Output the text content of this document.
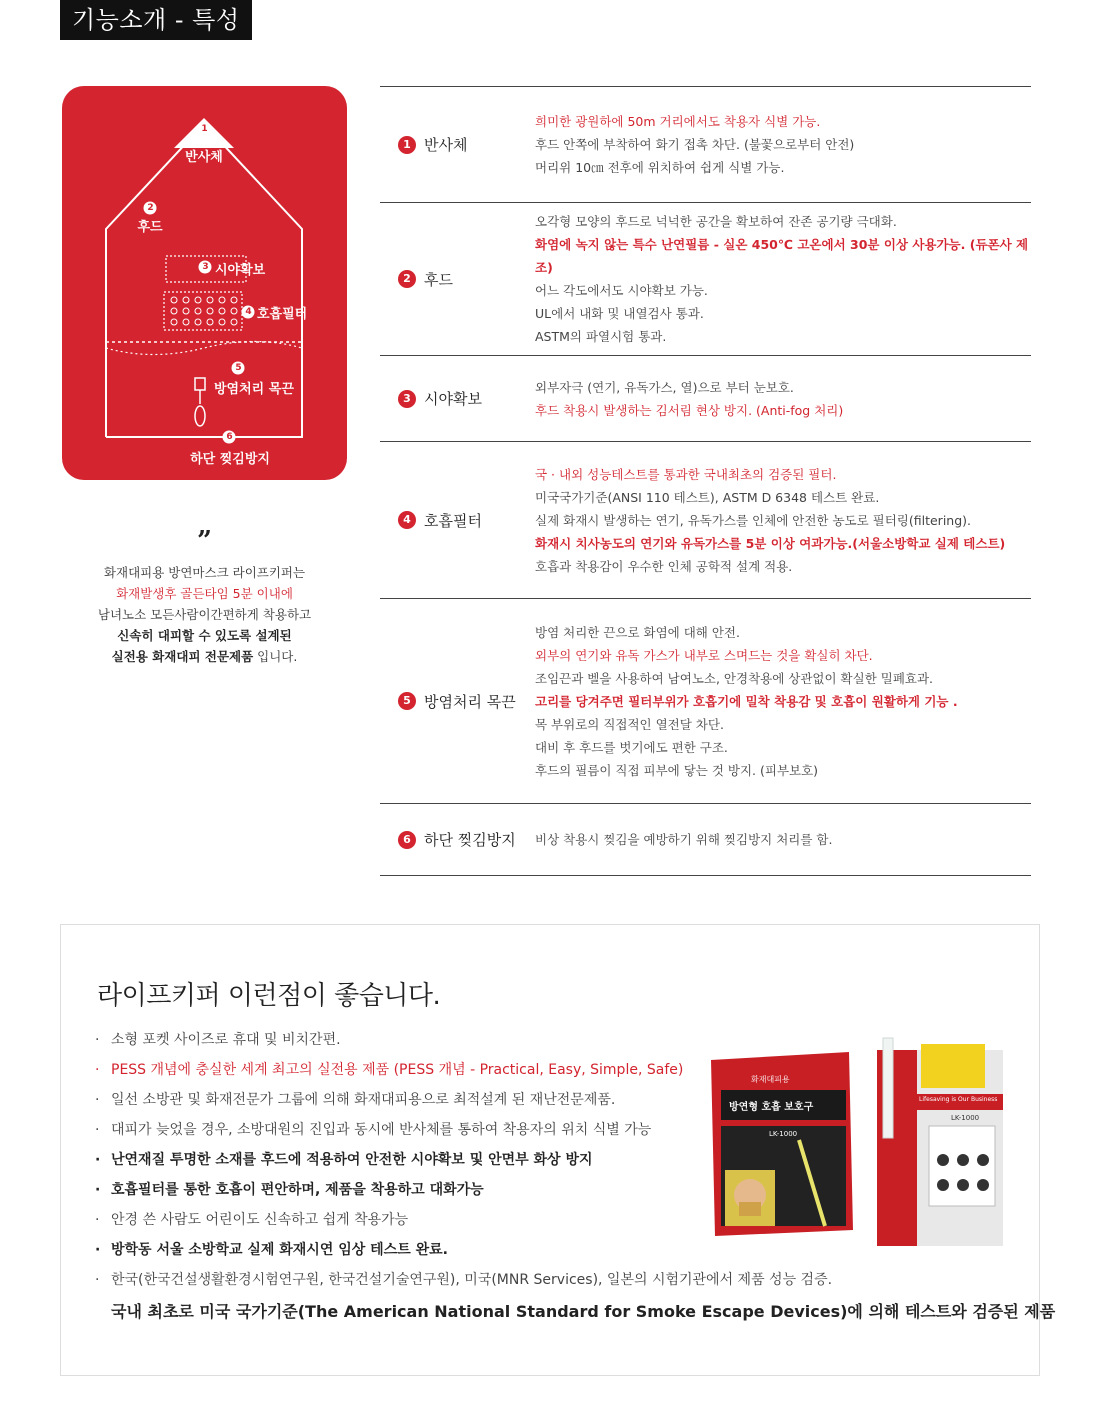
기능소개 - 특성
1
반사체
2
후드
3 시야확보
4 호흡필터
5
방염처리 목끈
6
하단 찢김방지
”
화재대피용 방연마스크 라이프키퍼는
화재발생후 골든타임 5분 이내에
남녀노소 모든사람이간편하게 착용하고
신속히 대피할 수 있도록 설계된
실전용 화재대피 전문제품 입니다.
1 반사체
희미한 광원하에 50m 거리에서도 착용자 식별 가능.
후드 안쪽에 부착하여 화기 접촉 차단. (불꽃으로부터 안전)
머리위 10㎝ 전후에 위치하여 쉽게 식별 가능.
2 후드
오각형 모양의 후드로 넉넉한 공간을 확보하여 잔존 공기량 극대화.
화염에 녹지 않는 특수 난연필름 - 실온 450℃ 고온에서 30분 이상 사용가능. (듀폰사 제조)
어느 각도에서도 시야확보 가능.
UL에서 내화 및 내열검사 통과.
ASTM의 파열시험 통과.
3 시야확보
외부자극 (연기, 유독가스, 열)으로 부터 눈보호.
후드 착용시 발생하는 김서림 현상 방지. (Anti-fog 처리)
4 호흡필터
국 · 내외 성능테스트를 통과한 국내최초의 검증된 필터.
미국국가기준(ANSI 110 테스트), ASTM D 6348 테스트 완료.
실제 화재시 발생하는 연기, 유독가스를 인체에 안전한 농도로 필터링(filtering).
화재시 치사농도의 연기와 유독가스를 5분 이상 여과가능.(서울소방학교 실제 테스트)
호흡과 착용감이 우수한 인체 공학적 설계 적용.
5 방염처리 목끈
방염 처리한 끈으로 화염에 대해 안전.
외부의 연기와 유독 가스가 내부로 스며드는 것을 확실히 차단.
조임끈과 벨을 사용하여 남여노소, 안경착용에 상관없이 확실한 밀폐효과.
고리를 당겨주면 필터부위가 호흡기에 밀착 착용감 및 호흡이 원활하게 기능 .
목 부위로의 직접적인 열전달 차단.
대비 후 후드를 벗기에도 편한 구조.
후드의 필름이 직접 피부에 닿는 것 방지. (피부보호)
6 하단 찢김방지 비상 착용시 찢김을 예방하기 위해 찢김방지 처리를 함.
라이프키퍼 이런점이 좋습니다.
· 소형 포켓 사이즈로 휴대 및 비치간편.
· PESS 개념에 충실한 세계 최고의 실전용 제품 (PESS 개념 - Practical, Easy, Simple, Safe)
· 일선 소방관 및 화재전문가 그룹에 의해 화재대피용으로 최적설계 된 재난전문제품.
· 대피가 늦었을 경우, 소방대원의 진입과 동시에 반사체를 통하여 착용자의 위치 식별 가능
· 난연재질 투명한 소재를 후드에 적용하여 안전한 시야확보 및 안면부 화상 방지
· 호흡필터를 통한 호흡이 편안하며, 제품을 착용하고 대화가능
· 안경 쓴 사람도 어린이도 신속하고 쉽게 착용가능
· 방학동 서울 소방학교 실제 화재시연 임상 테스트 완료.
· 한국(한국건설생활환경시험연구원, 한국건설기술연구원), 미국(MNR Services), 일본의 시험기관에서 제품 성능 검증.
화재대피용
방연형 호흡 보호구
LK-1000
Lifesaving is Our Business
LK-1000
국내 최초로 미국 국가기준(The American National Standard for Smoke Escape Devices)에 의해 테스트와 검증된 제품
